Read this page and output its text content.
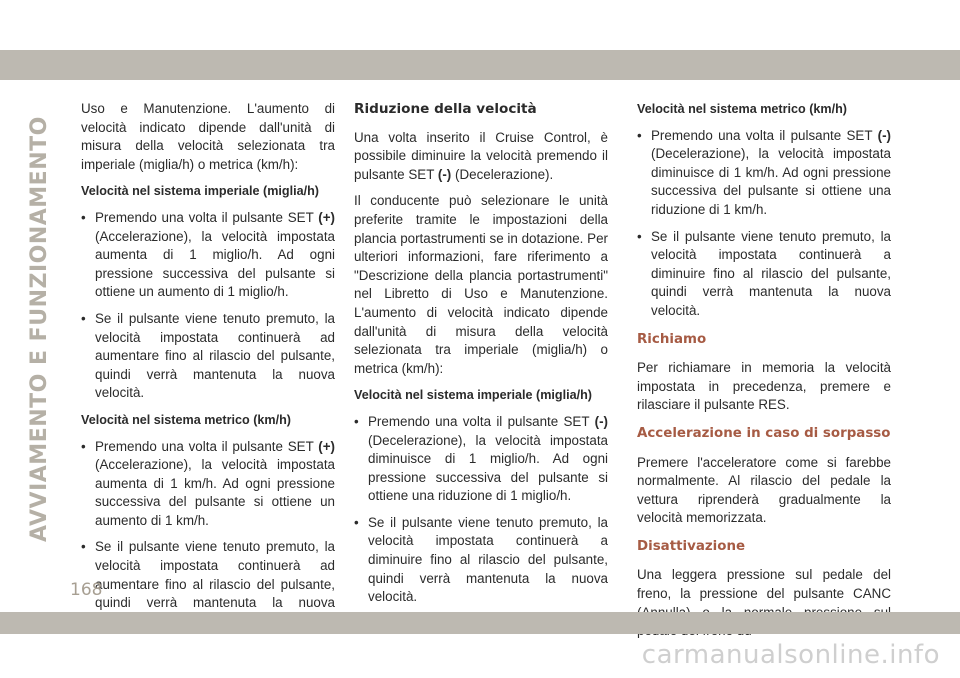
AVVIAMENTO E FUNZIONAMENTO

Uso e Manutenzione. L'aumento di velocità indicato dipende dall'unità di misura della velocità selezionata tra imperiale (miglia/h) o metrica (km/h):

Velocità nel sistema imperiale (miglia/h)
• Premendo una volta il pulsante SET (+) (Accelerazione), la velocità impostata aumenta di 1 miglio/h. Ad ogni pressione successiva del pulsante si ottiene un aumento di 1 miglio/h.
• Se il pulsante viene tenuto premuto, la velocità impostata continuerà ad aumentare fino al rilascio del pulsante, quindi verrà mantenuta la nuova velocità.
Velocità nel sistema metrico (km/h)
• Premendo una volta il pulsante SET (+) (Accelerazione), la velocità impostata aumenta di 1 km/h. Ad ogni pressione successiva del pulsante si ottiene un aumento di 1 km/h.
• Se il pulsante viene tenuto premuto, la velocità impostata continuerà ad aumentare fino al rilascio del pulsante, quindi verrà mantenuta la nuova
Riduzione della velocità

Una volta inserito il Cruise Control, è possibile diminuire la velocità premendo il pulsante SET (-) (Decelerazione).

Il conducente può selezionare le unità preferite tramite le impostazioni della plancia portastrumenti se in dotazione. Per ulteriori informazioni, fare riferimento a "Descrizione della plancia portastrumenti" nel Libretto di Uso e Manutenzione. L'aumento di velocità indicato dipende dall'unità di misura della velocità selezionata tra imperiale (miglia/h) o metrica (km/h):

Velocità nel sistema imperiale (miglia/h)
• Premendo una volta il pulsante SET (-) (Decelerazione), la velocità impostata diminuisce di 1 miglio/h. Ad ogni pressione successiva del pulsante si ottiene una riduzione di 1 miglio/h.
• Se il pulsante viene tenuto premuto, la velocità impostata continuerà a diminuire fino al rilascio del pulsante, quindi verrà mantenuta la nuova velocità.
Velocità nel sistema metrico (km/h)
• Premendo una volta il pulsante SET (-) (Decelerazione), la velocità impostata diminuisce di 1 km/h. Ad ogni pressione successiva del pulsante si ottiene una riduzione di 1 km/h.
• Se il pulsante viene tenuto premuto, la velocità impostata continuerà a diminuire fino al rilascio del pulsante, quindi verrà mantenuta la nuova velocità.
Richiamo

Per richiamare in memoria la velocità impostata in precedenza, premere e rilasciare il pulsante RES.

Accelerazione in caso di sorpasso

Premere l'acceleratore come si farebbe normalmente. Al rilascio del pedale la vettura riprenderà gradualmente la velocità memorizzata.

Disattivazione

Una leggera pressione sul pedale del freno, la pressione del pulsante CANC

168
carmanualsonline.info
